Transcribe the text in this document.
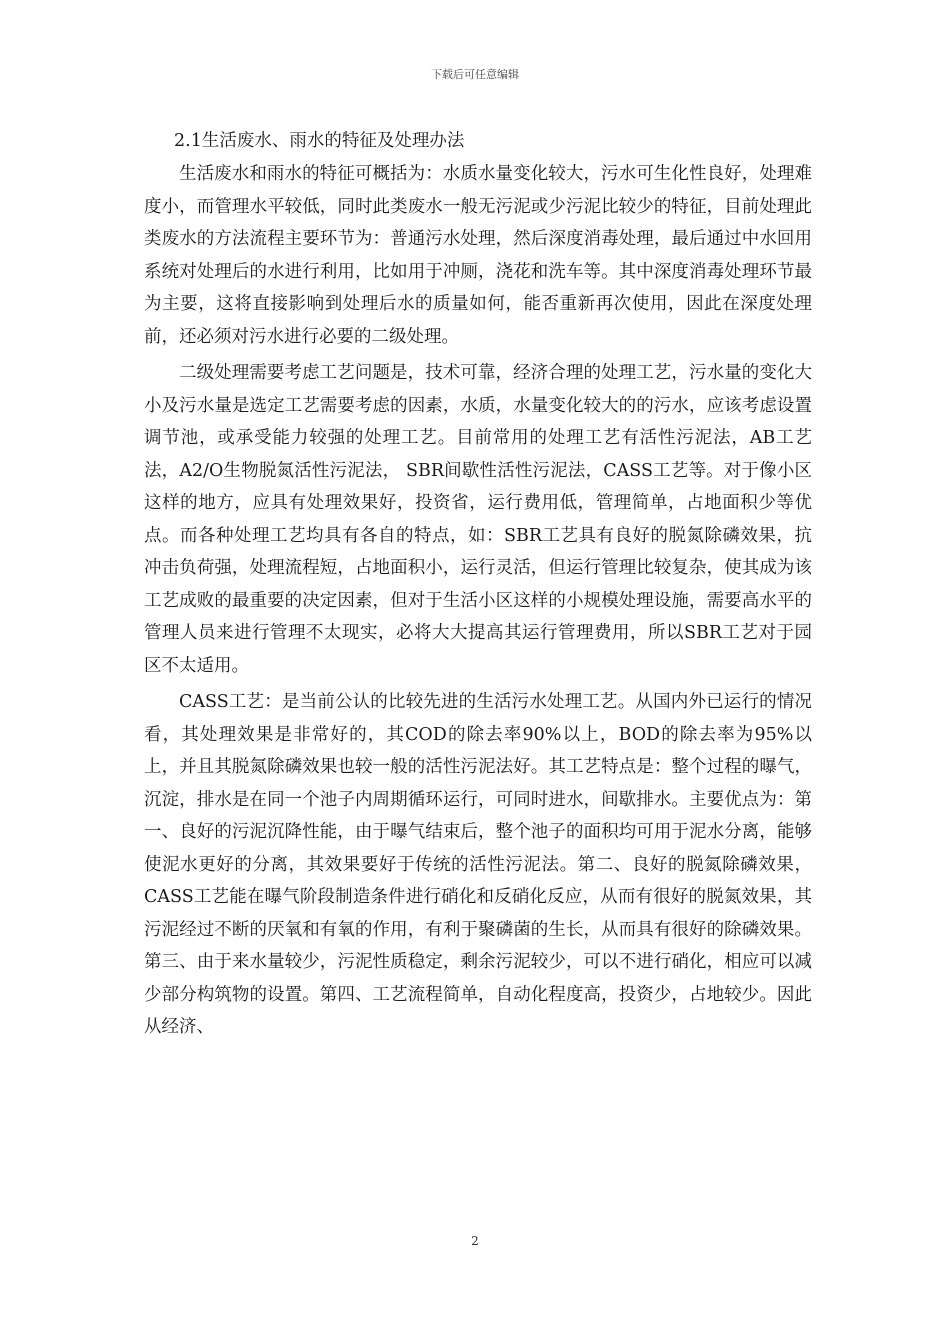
下载后可任意编辑
2.1生活废水、雨水的特征及处理办法

生活废水和雨水的特征可概括为：水质水量变化较大，污水可生化性良好，处理难度小，而管理水平较低，同时此类废水一般无污泥或少污泥比较少的特征，目前处理此类废水的方法流程主要环节为：普通污水处理，然后深度消毒处理，最后通过中水回用系统对处理后的水进行利用，比如用于冲厕，浇花和洗车等。其中深度消毒处理环节最为主要，这将直接影响到处理后水的质量如何，能否重新再次使用，因此在深度处理前，还必须对污水进行必要的二级处理。

二级处理需要考虑工艺问题是，技术可靠，经济合理的处理工艺，污水量的变化大小及污水量是选定工艺需要考虑的因素，水质，水量变化较大的的污水，应该考虑设置调节池，或承受能力较强的处理工艺。目前常用的处理工艺有活性污泥法，AB工艺法，A2/O生物脱氮活性污泥法， SBR间歇性活性污泥法，CASS工艺等。对于像小区这样的地方，应具有处理效果好，投资省，运行费用低，管理简单，占地面积少等优点。而各种处理工艺均具有各自的特点，如：SBR工艺具有良好的脱氮除磷效果，抗冲击负荷强，处理流程短，占地面积小，运行灵活，但运行管理比较复杂，使其成为该工艺成败的最重要的决定因素，但对于生活小区这样的小规模处理设施，需要高水平的管理人员来进行管理不太现实，必将大大提高其运行管理费用，所以SBR工艺对于园区不太适用。

CASS工艺：是当前公认的比较先进的生活污水处理工艺。从国内外已运行的情况看，其处理效果是非常好的，其COD的除去率90%以上，BOD的除去率为95%以上，并且其脱氮除磷效果也较一般的活性污泥法好。其工艺特点是：整个过程的曝气，沉淀，排水是在同一个池子内周期循环运行，可同时进水，间歇排水。主要优点为：第一、良好的污泥沉降性能，由于曝气结束后，整个池子的面积均可用于泥水分离，能够使泥水更好的分离，其效果要好于传统的活性污泥法。第二、良好的脱氮除磷效果，CASS工艺能在曝气阶段制造条件进行硝化和反硝化反应，从而有很好的脱氮效果，其污泥经过不断的厌氧和有氧的作用，有利于聚磷菌的生长，从而具有很好的除磷效果。第三、由于来水量较少，污泥性质稳定，剩余污泥较少，可以不进行硝化，相应可以减少部分构筑物的设置。第四、工艺流程简单，自动化程度高，投资少，占地较少。因此从经济、

2
